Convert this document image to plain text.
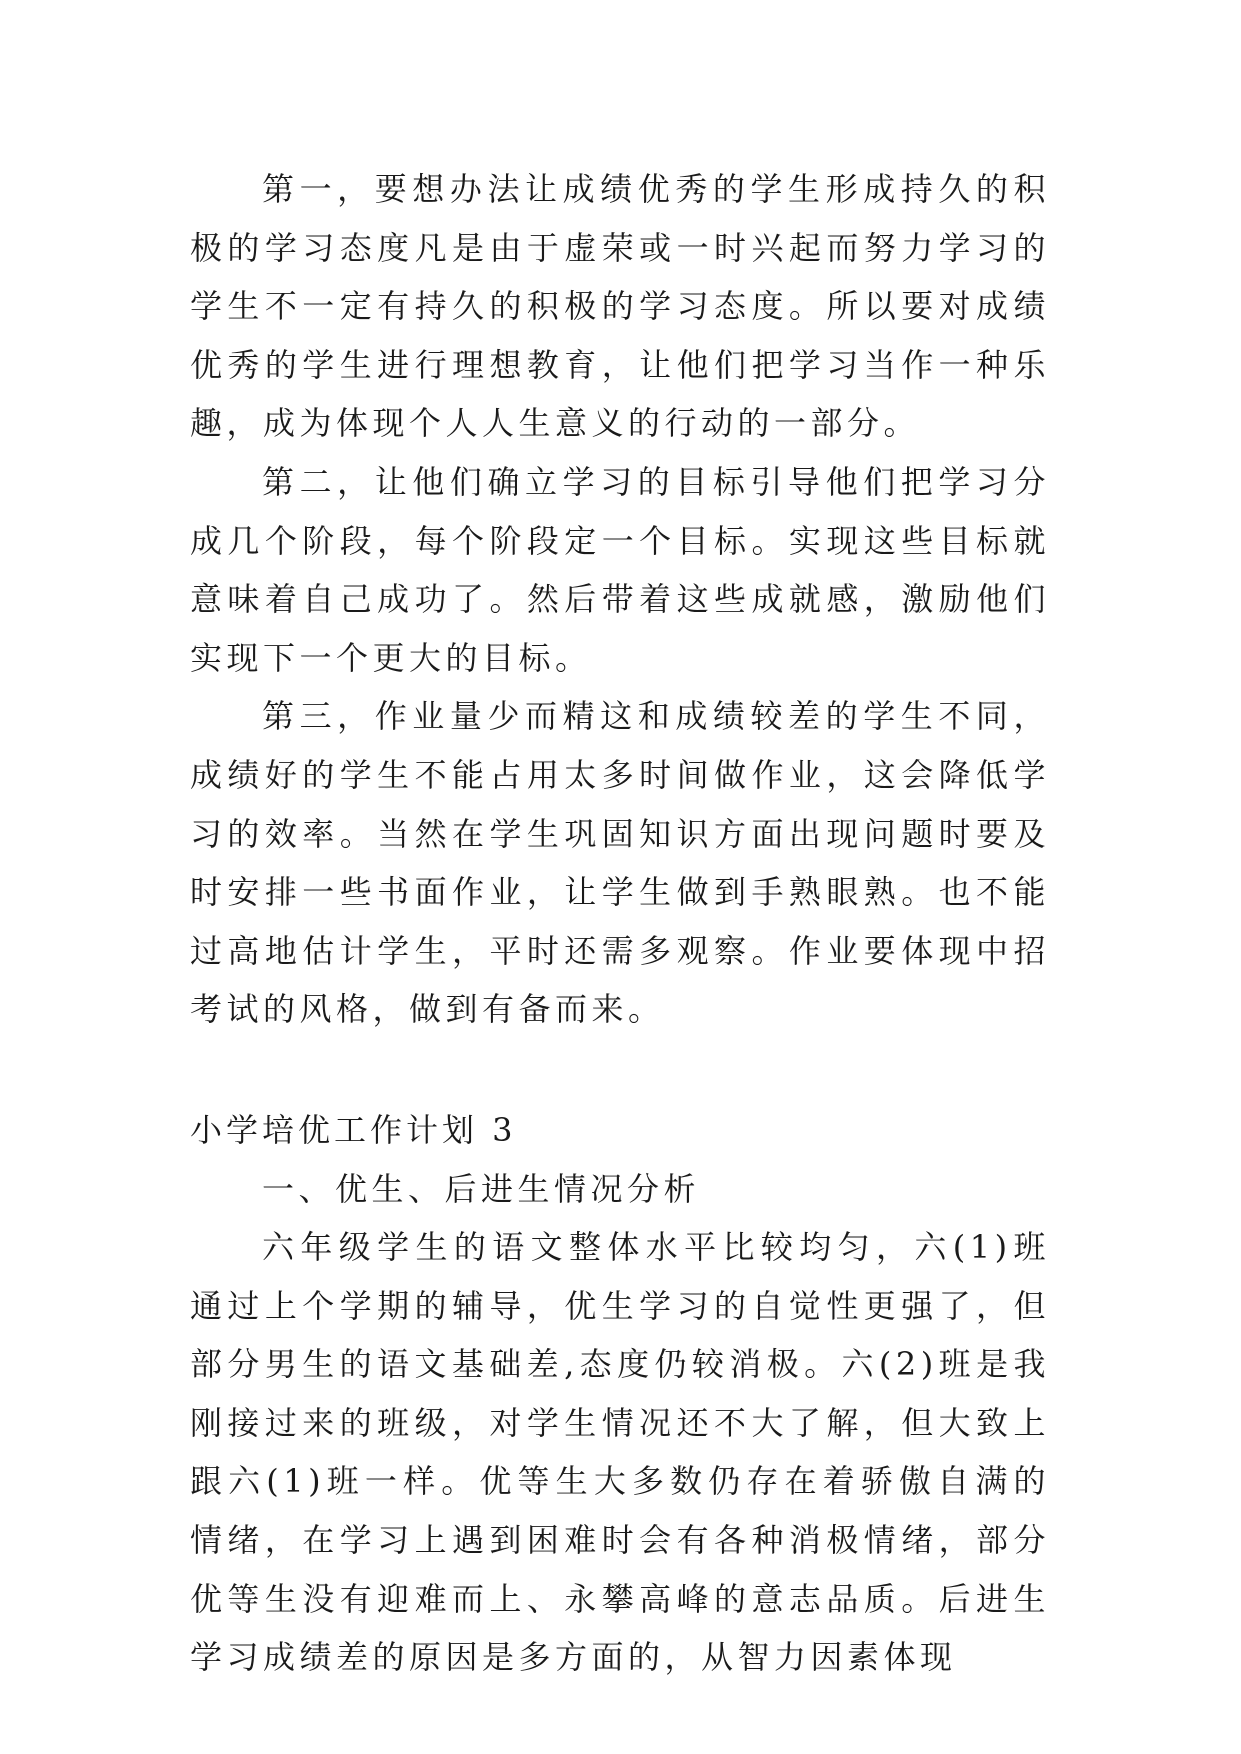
第一，要想办法让成绩优秀的学生形成持久的积极的学习态度凡是由于虚荣或一时兴起而努力学习的学生不一定有持久的积极的学习态度。所以要对成绩优秀的学生进行理想教育，让他们把学习当作一种乐趣，成为体现个人人生意义的行动的一部分。

第二，让他们确立学习的目标引导他们把学习分成几个阶段，每个阶段定一个目标。实现这些目标就意味着自己成功了。然后带着这些成就感，激励他们实现下一个更大的目标。

第三，作业量少而精这和成绩较差的学生不同，成绩好的学生不能占用太多时间做作业，这会降低学习的效率。当然在学生巩固知识方面出现问题时要及时安排一些书面作业，让学生做到手熟眼熟。也不能过高地估计学生，平时还需多观察。作业要体现中招考试的风格，做到有备而来。

小学培优工作计划 3

一、优生、后进生情况分析

六年级学生的语文整体水平比较均匀，六(1)班通过上个学期的辅导，优生学习的自觉性更强了，但部分男生的语文基础差,态度仍较消极。六(2)班是我刚接过来的班级，对学生情况还不大了解，但大致上跟六(1)班一样。优等生大多数仍存在着骄傲自满的情绪，在学习上遇到困难时会有各种消极情绪，部分优等生没有迎难而上、永攀高峰的意志品质。后进生学习成绩差的原因是多方面的，从智力因素体现
